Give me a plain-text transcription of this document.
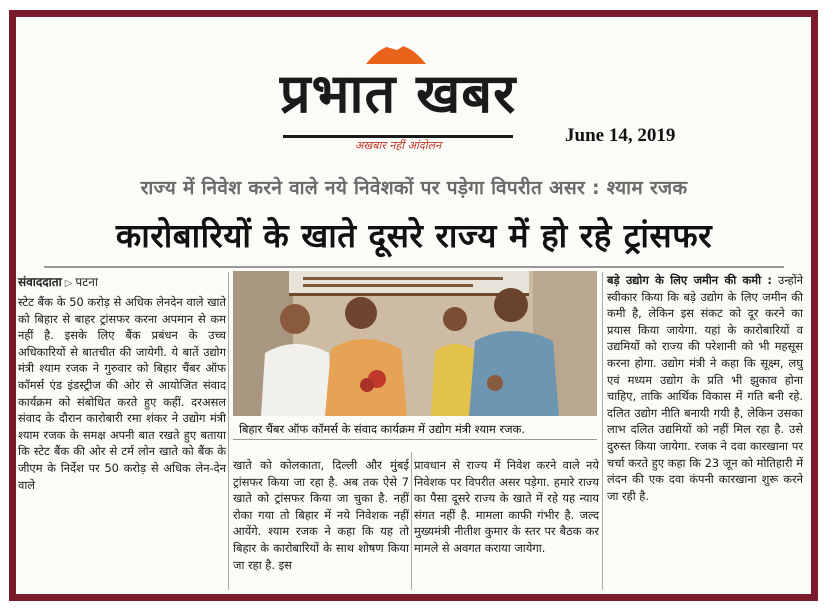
प्रभात खबर
अखबार नहीं आंदोलन	June 14, 2019
राज्य में निवेश करने वाले नये निवेशकों पर पड़ेगा विपरीत असर : श्याम रजक
कारोबारियों के खाते दूसरे राज्य में हो रहे ट्रांसफर
संवाददाता ▷ पटना
स्टेट बैंक के 50 करोड़ से अधिक लेनदेन वाले खाते को बिहार से बाहर ट्रांसफर करना अपमान से कम नहीं है. इसके लिए बैंक प्रबंधन के उच्च अधिकारियों से बातचीत की जायेगी. ये बातें उद्योग मंत्री श्याम रजक ने गुरुवार को बिहार चैंबर ऑफ कॉमर्स एंड इंडस्ट्रीज की ओर से आयोजित संवाद कार्यक्रम को संबोधित करते हुए कहीं. दरअसल संवाद के दौरान कारोबारी रमा शंकर ने उद्योग मंत्री श्याम रजक के समक्ष अपनी बात रखते हुए बताया कि स्टेट बैंक की ओर से टर्म लोन खाते को बैंक के जीएम के निर्देश पर 50 करोड़ से अधिक लेन-देन वाले
बिहार चैंबर ऑफ कॉमर्स के संवाद कार्यक्रम में उद्योग मंत्री श्याम रजक.
खाते को कोलकाता, दिल्ली और मुंबई ट्रांसफर किया जा रहा है. अब तक ऐसे 7 खाते को ट्रांसफर किया जा चुका है. नहीं रोका गया तो बिहार में नये निवेशक नहीं आयेंगे. श्याम रजक ने कहा कि यह तो बिहार के कारोबारियों के साथ शोषण किया जा रहा है. इस
प्रावधान से राज्य में निवेश करने वाले नये निवेशक पर विपरीत असर पड़ेगा. हमारे राज्य का पैसा दूसरे राज्य के खाते में रहे यह न्याय संगत नहीं है. मामला काफी गंभीर है. जल्द मुख्यमंत्री नीतीश कुमार के स्तर पर बैठक कर मामले से अवगत कराया जायेगा.
बड़े उद्योग के लिए जमीन की कमी : उन्होंने स्वीकार किया कि बड़े उद्योग के लिए जमीन की कमी है, लेकिन इस संकट को दूर करने का प्रयास किया जायेगा. यहां के कारोबारियों व उद्यमियों को राज्य की परेशानी को भी महसूस करना होगा. उद्योग मंत्री ने कहा कि सूक्ष्म, लघु एवं मध्यम उद्योग के प्रति भी झुकाव होना चाहिए, ताकि आर्थिक विकास में गति बनी रहे. दलित उद्योग नीति बनायी गयी है, लेकिन उसका लाभ दलित उद्यमियों को नहीं मिल रहा है. उसे दुरुस्त किया जायेगा. रजक ने दवा कारखाना पर चर्चा करते हुए कहा कि 23 जून को मोतिहारी में लंदन की एक दवा कंपनी कारखाना शुरू करने जा रही है.
